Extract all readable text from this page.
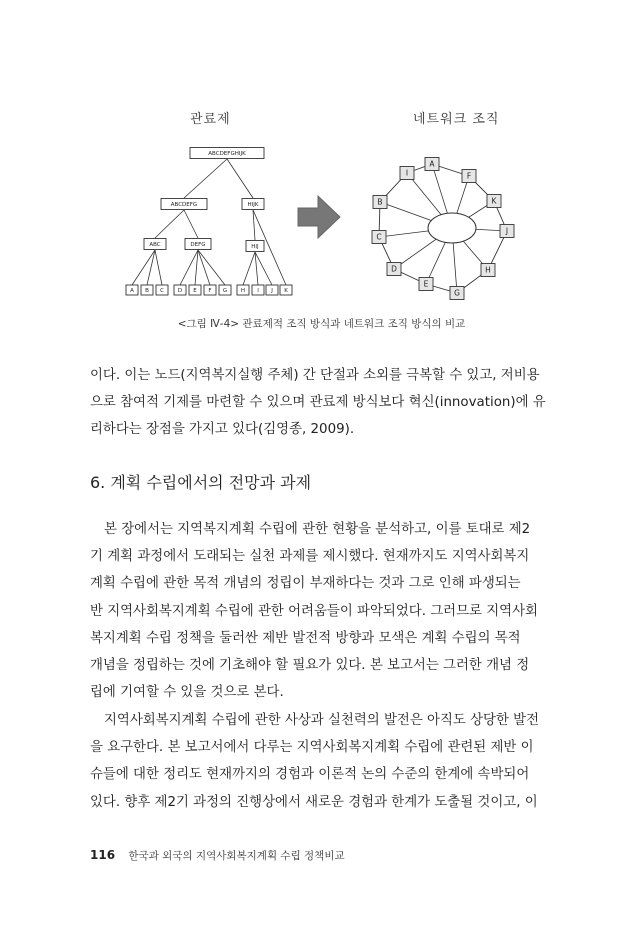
관료제	네트워크 조직
ABCDEFGHIJK
ABCDEFG	HIJK
ABC	DEFG	HIJ
A B C	D E F G	H I J K
A
F
K
J
H
G
E
D
C
B
I
<그림 Ⅳ-4> 관료제적 조직 방식과 네트워크 조직 방식의 비교
이다. 이는 노드(지역복지실행 주체) 간 단절과 소외를 극복할 수 있고, 저비용
으로 참여적 기제를 마련할 수 있으며 관료제 방식보다 혁신(innovation)에 유
리하다는 장점을 가지고 있다(김영종, 2009).
6. 계획 수립에서의 전망과 과제
본 장에서는 지역복지계획 수립에 관한 현황을 분석하고, 이를 토대로 제2
기 계획 과정에서 도래되는 실천 과제를 제시했다. 현재까지도 지역사회복지
계획 수립에 관한 목적 개념의 정립이 부재하다는 것과 그로 인해 파생되는
반 지역사회복지계획 수립에 관한 어려움들이 파악되었다. 그러므로 지역사회
복지계획 수립 정책을 둘러싼 제반 발전적 방향과 모색은 계획 수립의 목적
개념을 정립하는 것에 기초해야 할 필요가 있다. 본 보고서는 그러한 개념 정
립에 기여할 수 있을 것으로 본다.
지역사회복지계획 수립에 관한 사상과 실천력의 발전은 아직도 상당한 발전
을 요구한다. 본 보고서에서 다루는 지역사회복지계획 수립에 관련된 제반 이
슈들에 대한 정리도 현재까지의 경험과 이론적 논의 수준의 한계에 속박되어
있다. 향후 제2기 과정의 진행상에서 새로운 경험과 한계가 도출될 것이고, 이
116 한국과 외국의 지역사회복지계획 수립 정책비교
